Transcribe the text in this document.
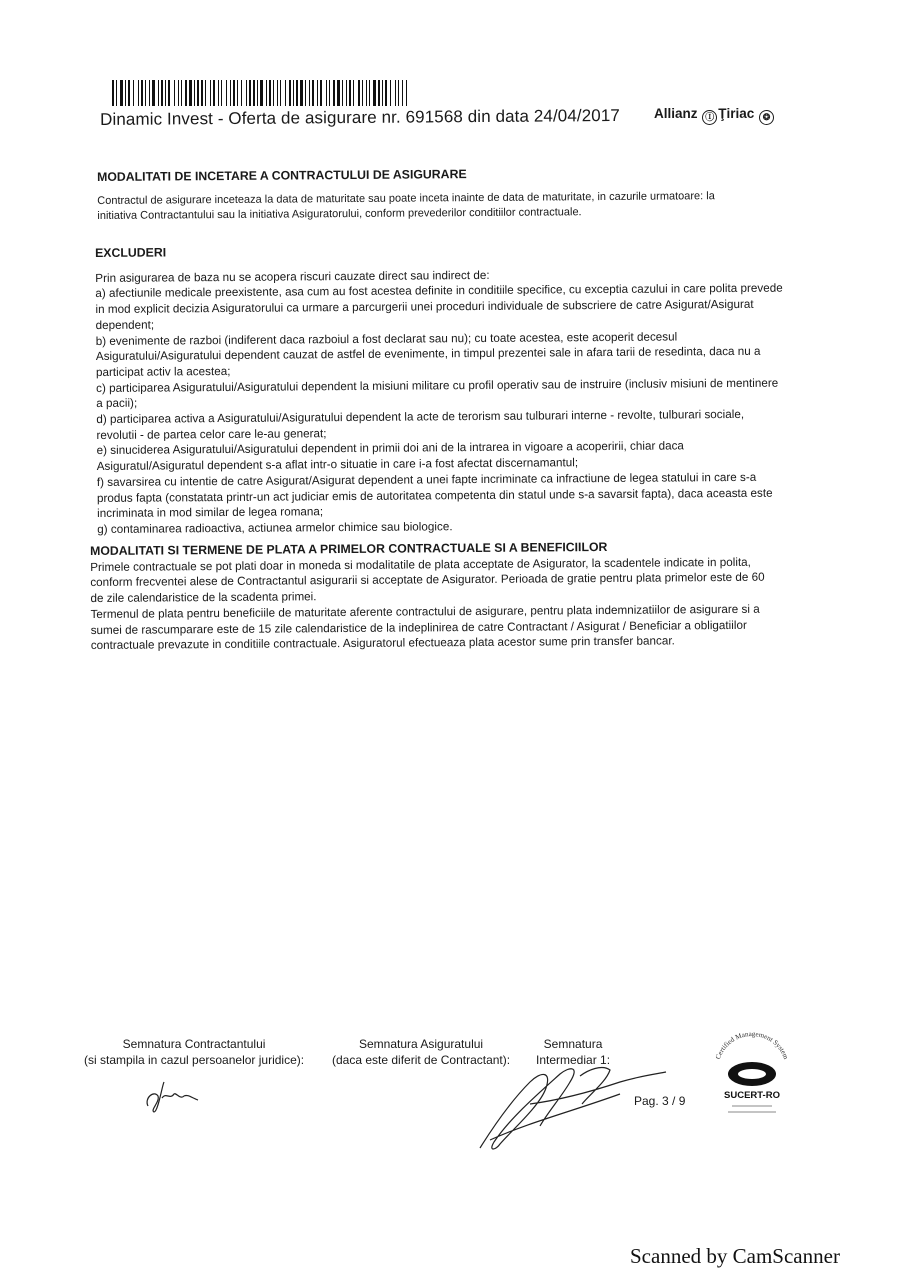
Dinamic Invest - Oferta de asigurare nr. 691568 din data 24/04/2017	Allianz Ⓘ Ţiriac ❂
MODALITATI DE INCETARE A CONTRACTULUI DE ASIGURARE

Contractul de asigurare inceteaza la data de maturitate sau poate inceta inainte de data de maturitate, in cazurile urmatoare: la initiativa Contractantului sau la initiativa Asiguratorului, conform prevederilor conditiilor contractuale.

EXCLUDERI

Prin asigurarea de baza nu se acopera riscuri cauzate direct sau indirect de:

a) afectiunile medicale preexistente, asa cum au fost acestea definite in conditiile specifice, cu exceptia cazului in care polita prevede in mod explicit decizia Asiguratorului ca urmare a parcurgerii unei proceduri individuale de subscriere de catre Asigurat/Asigurat dependent;

b) evenimente de razboi (indiferent daca razboiul a fost declarat sau nu); cu toate acestea, este acoperit decesul Asiguratului/Asiguratului dependent cauzat de astfel de evenimente, in timpul prezentei sale in afara tarii de resedinta, daca nu a participat activ la acestea;

c) participarea Asiguratului/Asiguratului dependent la misiuni militare cu profil operativ sau de instruire (inclusiv misiuni de mentinere a pacii);

d) participarea activa a Asiguratului/Asiguratului dependent la acte de terorism sau tulburari interne - revolte, tulburari sociale, revolutii - de partea celor care le-au generat;

e) sinuciderea Asiguratului/Asiguratului dependent in primii doi ani de la intrarea in vigoare a acoperirii, chiar daca Asiguratul/Asiguratul dependent s-a aflat intr-o situatie in care i-a fost afectat discernamantul;

f) savarsirea cu intentie de catre Asigurat/Asigurat dependent a unei fapte incriminate ca infractiune de legea statului in care s-a produs fapta (constatata printr-un act judiciar emis de autoritatea competenta din statul unde s-a savarsit fapta), daca aceasta este incriminata in mod similar de legea romana;

g) contaminarea radioactiva, actiunea armelor chimice sau biologice.

MODALITATI SI TERMENE DE PLATA A PRIMELOR CONTRACTUALE SI A BENEFICIILOR

Primele contractuale se pot plati doar in moneda si modalitatile de plata acceptate de Asigurator, la scadentele indicate in polita, conform frecventei alese de Contractantul asigurarii si acceptate de Asigurator. Perioada de gratie pentru plata primelor este de 60 de zile calendaristice de la scadenta primei.

Termenul de plata pentru beneficiile de maturitate aferente contractului de asigurare, pentru plata indemnizatiilor de asigurare si a sumei de rascumparare este de 15 zile calendaristice de la indeplinirea de catre Contractant / Asigurat / Beneficiar a obligatiilor contractuale prevazute in conditiile contractuale. Asiguratorul efectueaza plata acestor sume prin transfer bancar.

Semnatura Contractantului
(si stampila in cazul persoanelor juridice):
Semnatura Asiguratului
(daca este diferit de Contractant):
Semnatura
Intermediar 1:
Pag. 3 / 9
Certified Management System
SUCERT-RO
Scanned by CamScanner
